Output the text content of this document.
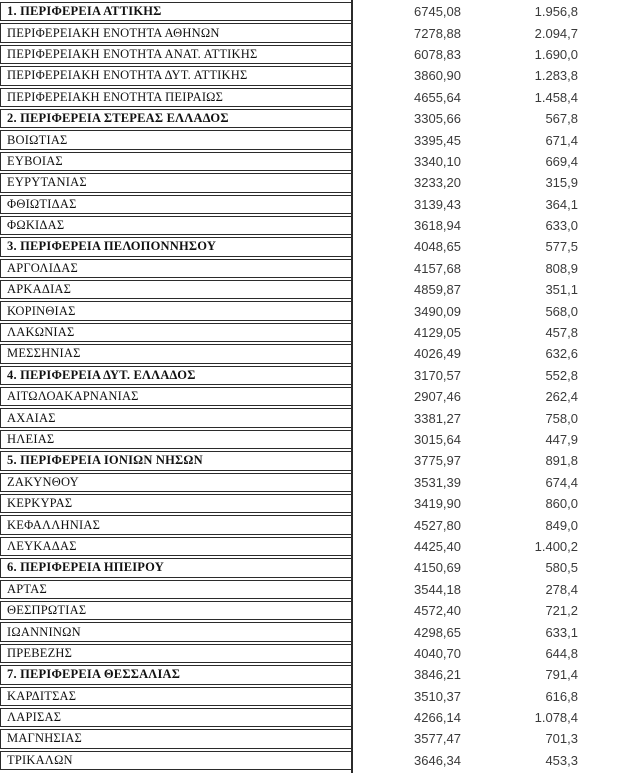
1. ΠΕΡΙΦΕΡΕΙΑ ΑΤΤΙΚΗΣ	6745,08	1.956,8
ΠΕΡΙΦΕΡΕΙΑΚΗ ΕΝΟΤΗΤΑ ΑΘΗΝΩΝ	7278,88	2.094,7
ΠΕΡΙΦΕΡΕΙΑΚΗ ΕΝΟΤΗΤΑ ΑΝΑΤ. ΑΤΤΙΚΗΣ	6078,83	1.690,0
ΠΕΡΙΦΕΡΕΙΑΚΗ ΕΝΟΤΗΤΑ ΔΥΤ. ΑΤΤΙΚΗΣ	3860,90	1.283,8
ΠΕΡΙΦΕΡΕΙΑΚΗ ΕΝΟΤΗΤΑ ΠΕΙΡΑΙΩΣ	4655,64	1.458,4
2. ΠΕΡΙΦΕΡΕΙΑ ΣΤΕΡΕΑΣ ΕΛΛΑΔΟΣ	3305,66	567,8
ΒΟΙΩΤΙΑΣ	3395,45	671,4
ΕΥΒΟΙΑΣ	3340,10	669,4
ΕΥΡΥΤΑΝΙΑΣ	3233,20	315,9
ΦΘΙΩΤΙΔΑΣ	3139,43	364,1
ΦΩΚΙΔΑΣ	3618,94	633,0
3. ΠΕΡΙΦΕΡΕΙΑ ΠΕΛΟΠΟΝΝΗΣΟΥ	4048,65	577,5
ΑΡΓΟΛΙΔΑΣ	4157,68	808,9
ΑΡΚΑΔΙΑΣ	4859,87	351,1
ΚΟΡΙΝΘΙΑΣ	3490,09	568,0
ΛΑΚΩΝΙΑΣ	4129,05	457,8
ΜΕΣΣΗΝΙΑΣ	4026,49	632,6
4. ΠΕΡΙΦΕΡΕΙΑ ΔΥΤ. ΕΛΛΑΔΟΣ	3170,57	552,8
ΑΙΤΩΛΟΑΚΑΡΝΑΝΙΑΣ	2907,46	262,4
ΑΧΑΙΑΣ	3381,27	758,0
ΗΛΕΙΑΣ	3015,64	447,9
5. ΠΕΡΙΦΕΡΕΙΑ ΙΟΝΙΩΝ ΝΗΣΩΝ	3775,97	891,8
ΖΑΚΥΝΘΟΥ	3531,39	674,4
ΚΕΡΚΥΡΑΣ	3419,90	860,0
ΚΕΦΑΛΛΗΝΙΑΣ	4527,80	849,0
ΛΕΥΚΑΔΑΣ	4425,40	1.400,2
6. ΠΕΡΙΦΕΡΕΙΑ ΗΠΕΙΡΟΥ	4150,69	580,5
ΑΡΤΑΣ	3544,18	278,4
ΘΕΣΠΡΩΤΙΑΣ	4572,40	721,2
ΙΩΑΝΝΙΝΩΝ	4298,65	633,1
ΠΡΕΒΕΖΗΣ	4040,70	644,8
7. ΠΕΡΙΦΕΡΕΙΑ ΘΕΣΣΑΛΙΑΣ	3846,21	791,4
ΚΑΡΔΙΤΣΑΣ	3510,37	616,8
ΛΑΡΙΣΑΣ	4266,14	1.078,4
ΜΑΓΝΗΣΙΑΣ	3577,47	701,3
ΤΡΙΚΑΛΩΝ	3646,34	453,3
